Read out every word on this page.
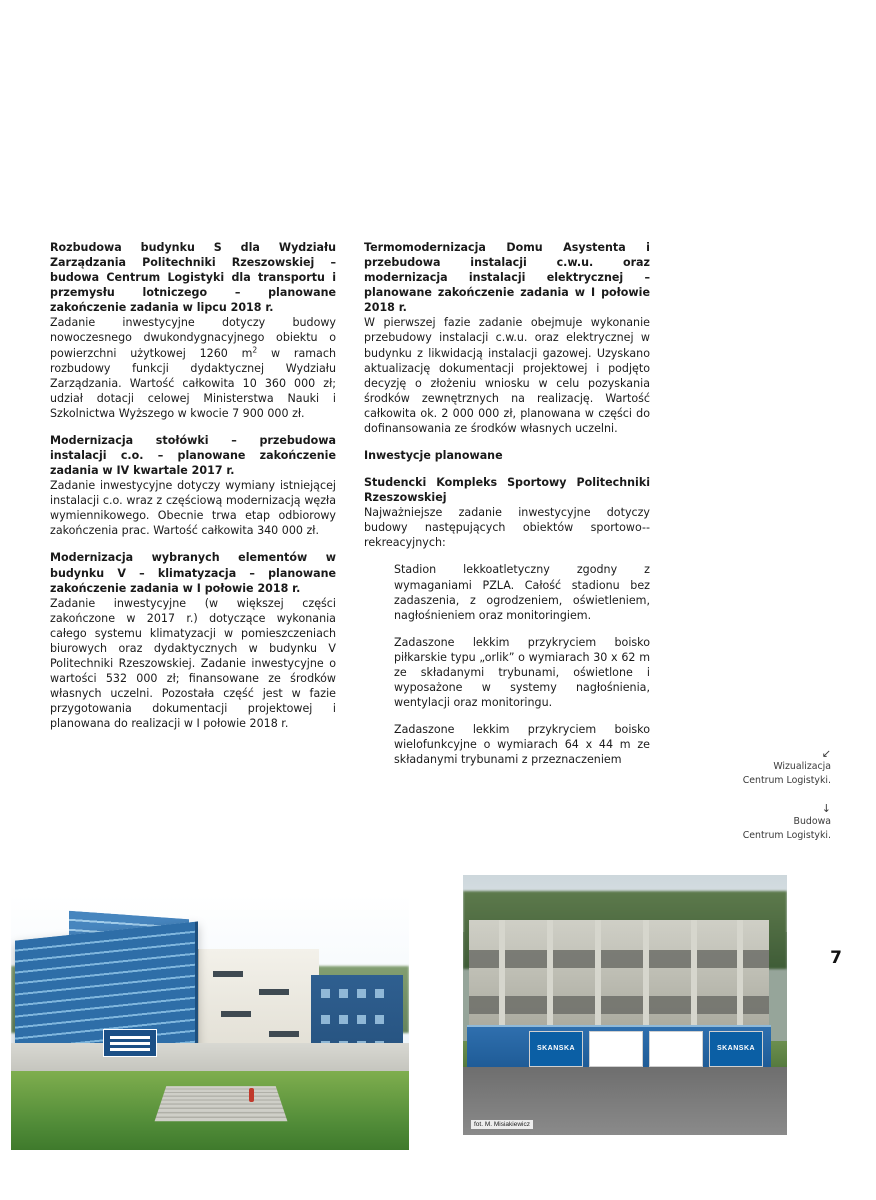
Rozbudowa budynku S dla Wydziału Zarządzania Politechniki Rzeszowskiej – budowa Centrum Logistyki dla transportu i przemysłu lotniczego – planowane zakończenie zadania w lipcu 2018 r.

Zadanie inwestycyjne dotyczy budowy nowoczesnego dwukondygnacyjnego obiektu o powierzchni użytkowej 1260 $m^2$ w ramach rozbudowy funkcji dydaktycznej Wydziału Zarządzania. Wartość całkowita 10 360 000 zł; udział dotacji celowej Ministerstwa Nauki i Szkolnictwa Wyższego w kwocie 7 900 000 zł.

Modernizacja stołówki – przebudowa instalacji c.o. – planowane zakończenie zadania w IV kwartale 2017 r.

Zadanie inwestycyjne dotyczy wymiany istniejącej instalacji c.o. wraz z częściową modernizacją węzła wymiennikowego. Obecnie trwa etap odbiorowy zakończenia prac. Wartość całkowita 340 000 zł.

Modernizacja wybranych elementów w budynku V – klimatyzacja – planowane zakończenie zadania w I połowie 2018 r.

Zadanie inwestycyjne (w większej części zakończone w 2017 r.) dotyczące wykonania całego systemu klimatyzacji w pomieszczeniach biurowych oraz dydaktycznych w budynku V Politechniki Rzeszowskiej. Zadanie inwestycyjne o wartości 532 000 zł; finansowane ze środków własnych uczelni. Pozostała część jest w fazie przygotowania dokumentacji projektowej i planowana do realizacji w I połowie 2018 r.

Termomodernizacja Domu Asystenta i przebudowa instalacji c.w.u. oraz modernizacja instalacji elektrycznej – planowane zakończenie zadania w I połowie 2018 r.

W pierwszej fazie zadanie obejmuje wykonanie przebudowy instalacji c.w.u. oraz elektrycznej w budynku z likwidacją instalacji gazowej. Uzyskano aktualizację dokumentacji projektowej i podjęto decyzję o złożeniu wniosku w celu pozyskania środków zewnętrznych na realizację. Wartość całkowita ok. 2 000 000 zł, planowana w części do dofinansowania ze środków własnych uczelni.

Inwestycje planowane

Studencki Kompleks Sportowy Politechniki Rzeszowskiej

Najważniejsze zadanie inwestycyjne dotyczy budowy następujących obiektów sportowo--rekreacyjnych:

Stadion lekkoatletyczny zgodny z wymaganiami PZLA. Całość stadionu bez zadaszenia, z ogrodzeniem, oświetleniem, nagłośnieniem oraz monitoringiem.

Zadaszone lekkim przykryciem boisko piłkarskie typu „orlik” o wymiarach 30 x 62 m ze składanymi trybunami, oświetlone i wyposażone w systemy nagłośnienia, wentylacji oraz monitoringu.

Zadaszone lekkim przykryciem boisko wielofunkcyjne o wymiarach 64 x 44 m ze składanymi trybunami z przeznaczeniem	↙
Wizualizacja
Centrum Logistyki.
↓
Budowa
Centrum Logistyki.
7
SKANSKA	SKANSKA
fot. M. Misiakiewicz
